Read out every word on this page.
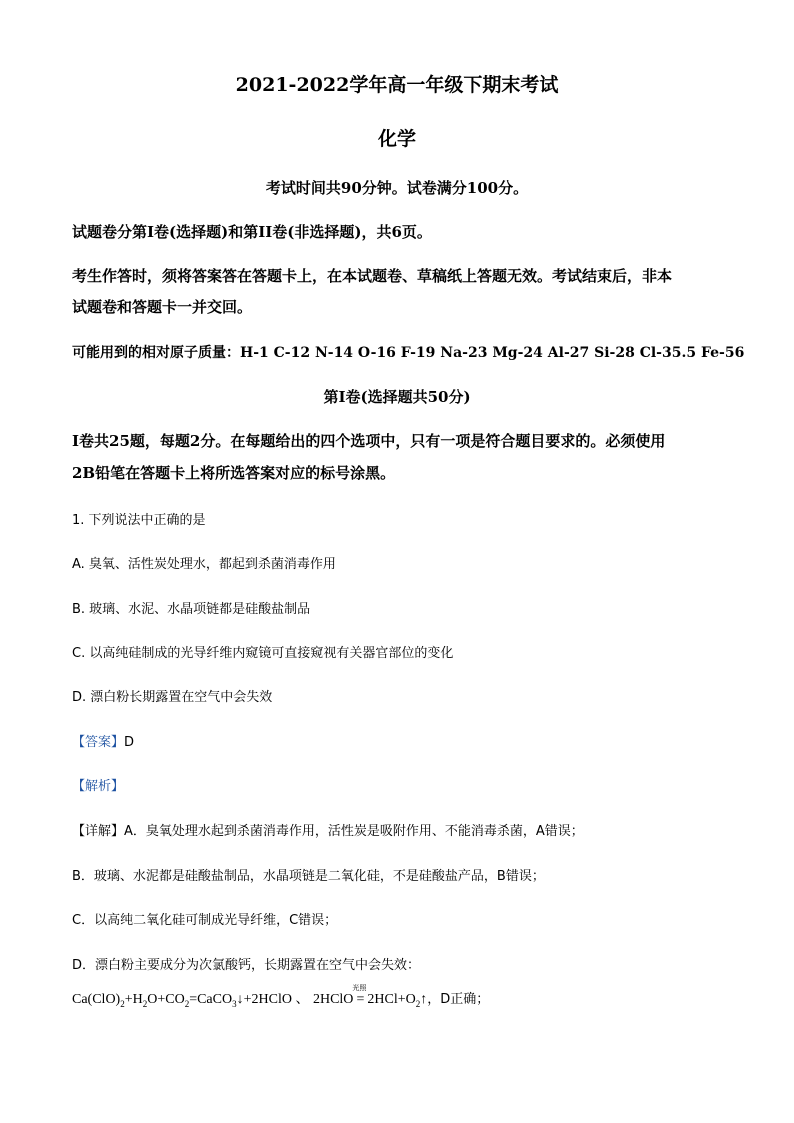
2021-2022学年高一年级下期末考试
化学
考试时间共90分钟。试卷满分100分。
试题卷分第I卷(选择题)和第II卷(非选择题)，共6页。
考生作答时，须将答案答在答题卡上，在本试题卷、草稿纸上答题无效。考试结束后，非本
试题卷和答题卡一并交回。
可能用到的相对原子质量：H-1 C-12 N-14 O-16 F-19 Na-23 Mg-24 Al-27 Si-28 Cl-35.5 Fe-56
第I卷(选择题共50分)
I卷共25题，每题2分。在每题给出的四个选项中，只有一项是符合题目要求的。必须使用
2B铅笔在答题卡上将所选答案对应的标号涂黑。
1. 下列说法中正确的是
A. 臭氧、活性炭处理水，都起到杀菌消毒作用
B. 玻璃、水泥、水晶项链都是硅酸盐制品
C. 以高纯硅制成的光导纤维内窥镜可直接窥视有关器官部位的变化
D. 漂白粉长期露置在空气中会失效
【答案】D
【解析】
【详解】A．臭氧处理水起到杀菌消毒作用，活性炭是吸附作用、不能消毒杀菌，A错误；
B．玻璃、水泥都是硅酸盐制品，水晶项链是二氧化硅，不是硅酸盐产品，B错误；
C．以高纯二氧化硅可制成光导纤维，C错误；
D．漂白粉主要成分为次氯酸钙，长期露置在空气中会失效：
$Ca(ClO)_2+H_2O+CO_2=CaCO_3↓+2HClO$ 、 2HClO
光照
= $2HCl+O_2↑$，D正确；
